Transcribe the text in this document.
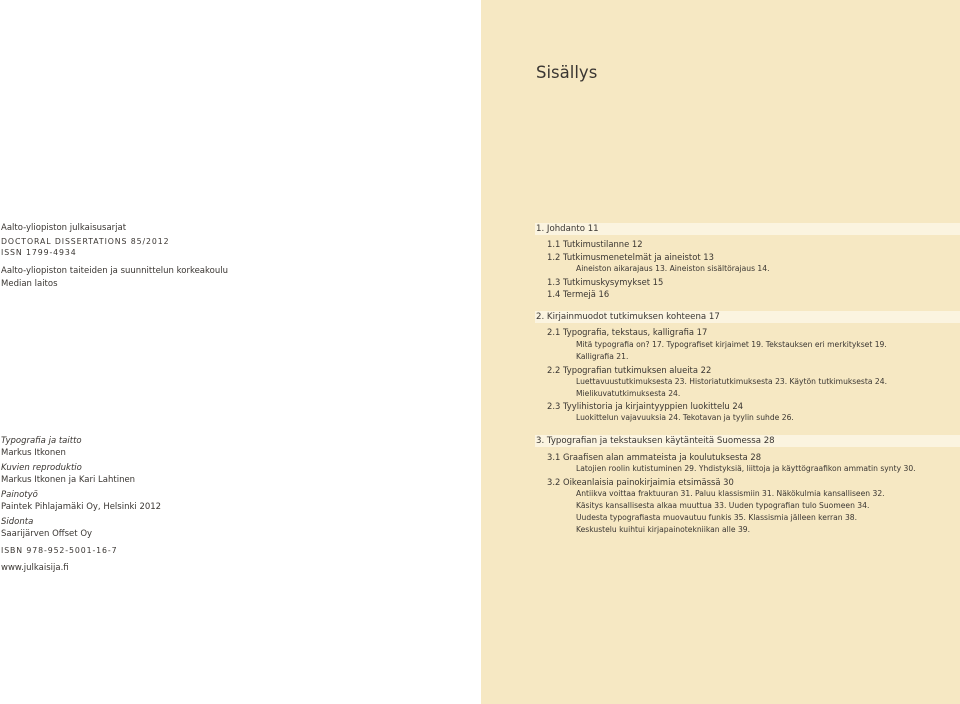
Aalto-yliopiston julkaisusarjat
DOCTORAL DISSERTATIONS 85/2012
ISSN 1799-4934
Aalto-yliopiston taiteiden ja suunnittelun korkeakoulu
Median laitos
Typografia ja taitto
Markus Itkonen
Kuvien reproduktio
Markus Itkonen ja Kari Lahtinen
Painotyö
Paintek Pihlajamäki Oy, Helsinki 2012
Sidonta
Saarijärven Offset Oy
ISBN 978-952-5001-16-7
www.julkaisija.fi
Sisällys
1. Johdanto 11
1.1 Tutkimustilanne 12
1.2 Tutkimusmenetelmät ja aineistot 13
Aineiston aikarajaus 13. Aineiston sisältörajaus 14.
1.3 Tutkimuskysymykset 15
1.4 Termejä 16
2. Kirjainmuodot tutkimuksen kohteena 17
2.1 Typografia, tekstaus, kalligrafia 17
Mitä typografia on? 17. Typografiset kirjaimet 19. Tekstauksen eri merkitykset 19.
Kalligrafia 21.
2.2 Typografian tutkimuksen alueita 22
Luettavuustutkimuksesta 23. Historiatutkimuksesta 23. Käytön tutkimuksesta 24.
Mielikuvatutkimuksesta 24.
2.3 Tyylihistoria ja kirjaintyyppien luokittelu 24
Luokittelun vajavuuksia 24. Tekotavan ja tyylin suhde 26.
3. Typografian ja tekstauksen käytänteitä Suomessa 28
3.1 Graafisen alan ammateista ja koulutuksesta 28
Latojien roolin kutistuminen 29. Yhdistyksiä, liittoja ja käyttögraafikon ammatin synty 30.
3.2 Oikeanlaisia painokirjaimia etsimässä 30
Antiikva voittaa fraktuuran 31. Paluu klassismiin 31. Näkökulmia kansalliseen 32.
Käsitys kansallisesta alkaa muuttua 33. Uuden typografian tulo Suomeen 34.
Uudesta typografiasta muovautuu funkis 35. Klassismia jälleen kerran 38.
Keskustelu kuihtui kirjapainotekniikan alle 39.
